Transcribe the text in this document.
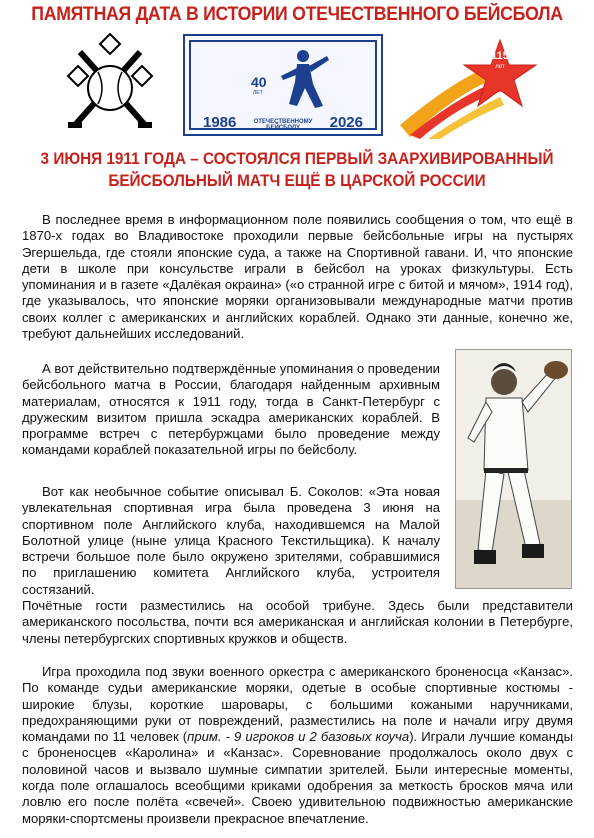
ПАМЯТНАЯ ДАТА В ИСТОРИИ ОТЕЧЕСТВЕННОГО БЕЙСБОЛА
40
ЛЕТ
1986	ОТЕЧЕСТВЕННОМУ БЕЙСБОЛУ	2026
115
лет
3 ИЮНЯ 1911 ГОДА – СОСТОЯЛСЯ ПЕРВЫЙ ЗААРХИВИРОВАННЫЙ
БЕЙСБОЛЬНЫЙ МАТЧ ЕЩЁ В ЦАРСКОЙ РОССИИ
В последнее время в информационном поле появились сообщения о том, что ещё в 1870-х годах во Владивостоке проходили первые бейсбольные игры на пустырях Эгершельда, где стояли японские суда, а также на Спортивной гавани. И, что японские дети в школе при консульстве играли в бейсбол на уроках физкультуры. Есть упоминания и в газете «Далёкая окраина» («о странной игре с битой и мячом», 1914 год), где указывалось, что японские моряки организовывали международные матчи против своих коллег с американских и английских кораблей. Однако эти данные, конечно же, требуют дальнейших исследований.
А вот действительно подтверждённые упоминания о проведении бейсбольного матча в России, благодаря найденным архивным материалам, относятся к 1911 году, тогда в Санкт-Петербург с дружеским визитом пришла эскадра американских кораблей. В программе встреч с петербуржцами было проведение между командами кораблей показательной игры по бейсболу.
Вот как необычное событие описывал Б. Соколов: «Эта новая увлекательная спортивная игра была проведена 3 июня на спортивном поле Английского клуба, находившемся на Малой Болотной улице (ныне улица Красного Текстильщика). К началу встречи большое поле было окружено зрителями, собравшимися по приглашению комитета Английского клуба, устроителя состязаний.
Почётные гости разместились на особой трибуне. Здесь были представители американского посольства, почти вся американская и английская колонии в Петербурге, члены петербургских спортивных кружков и обществ.
Игра проходила под звуки военного оркестра с американского броненосца «Канзас». По команде судьи американские моряки, одетые в особые спортивные костюмы - широкие блузы, короткие шаровары, с большими кожаными наручниками, предохраняющими руки от повреждений, разместились на поле и начали игру двумя командами по 11 человек (прим. - 9 игроков и 2 базовых коуча). Играли лучшие команды с броненосцев «Каролина» и «Канзас». Соревнование продолжалось около двух с половиной часов и вызвало шумные симпатии зрителей. Были интересные моменты, когда поле оглашалось всеобщими криками одобрения за меткость бросков мяча или ловлю его после полёта «свечей». Своею удивительною подвижностью американские моряки-спортсмены произвели прекрасное впечатление.
